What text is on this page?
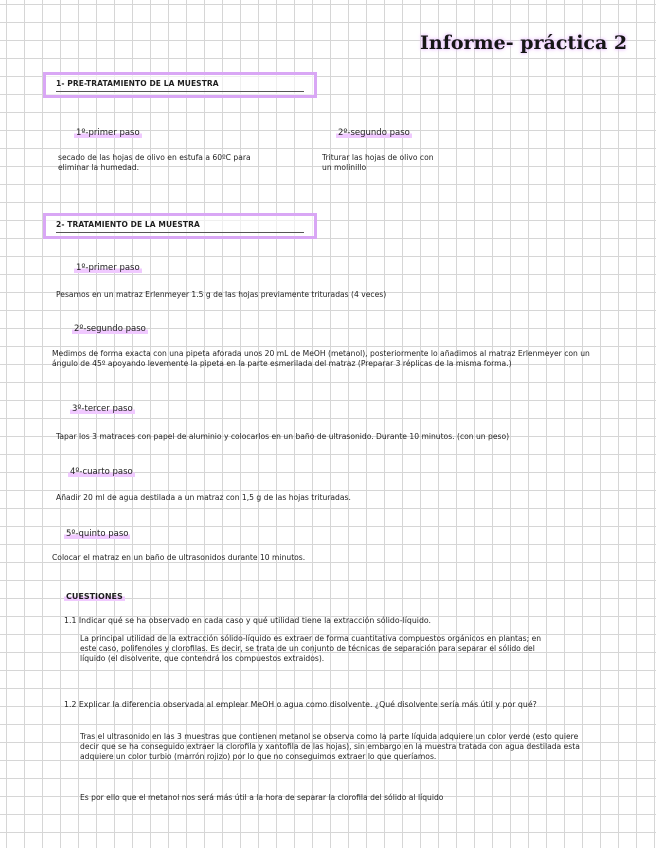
Informe- práctica 2
1- PRE-TRATAMIENTO DE LA MUESTRA
1º-primer paso
secado de las hojas de olivo en estufa a 60ºC para eliminar la humedad.
2º-segundo paso
Triturar las hojas de olivo con un molinillo
2- TRATAMIENTO DE LA MUESTRA
1º-primer paso
Pesamos en un matraz Erlenmeyer 1.5 g de las hojas previamente trituradas (4 veces)
2º-segundo paso
Medimos de forma exacta con una pipeta aforada unos 20 mL de MeOH (metanol), posteriormente lo añadimos al matraz Erlenmeyer con un ángulo de 45º apoyando levemente la pipeta en la parte esmerilada del matraz (Preparar 3 réplicas de la misma forma.)
3º-tercer paso
Tapar los 3 matraces con papel de aluminio y colocarlos en un baño de ultrasonido. Durante 10 minutos. (con un peso)
4º-cuarto paso
Añadir 20 ml de agua destilada a un matraz con 1,5 g de las hojas trituradas.
5º-quinto paso
Colocar el matraz en un baño de ultrasonidos durante 10 minutos.
CUESTIONES
1.1 Indicar qué se ha observado en cada caso y qué utilidad tiene la extracción sólido-líquido.
La principal utilidad de la extracción sólido-líquido es extraer de forma cuantitativa compuestos orgánicos en plantas; en este caso, polifenoles y clorofilas. Es decir, se trata de un conjunto de técnicas de separación para separar el sólido del líquido (el disolvente, que contendrá los compuestos extraidos).
1.2 Explicar la diferencia observada al emplear MeOH o agua como disolvente. ¿Qué disolvente sería más útil y por qué?
Tras el ultrasonido en las 3 muestras que contienen metanol se observa como la parte líquida adquiere un color verde (esto quiere decir que se ha conseguido extraer la clorofila y xantofila de las hojas), sin embargo en la muestra tratada con agua destilada esta adquiere un color turbio (marrón rojizo) por lo que no conseguimos extraer lo que queríamos.
Es por ello que el metanol nos será más útil a la hora de separar la clorofila del sólido al líquido
